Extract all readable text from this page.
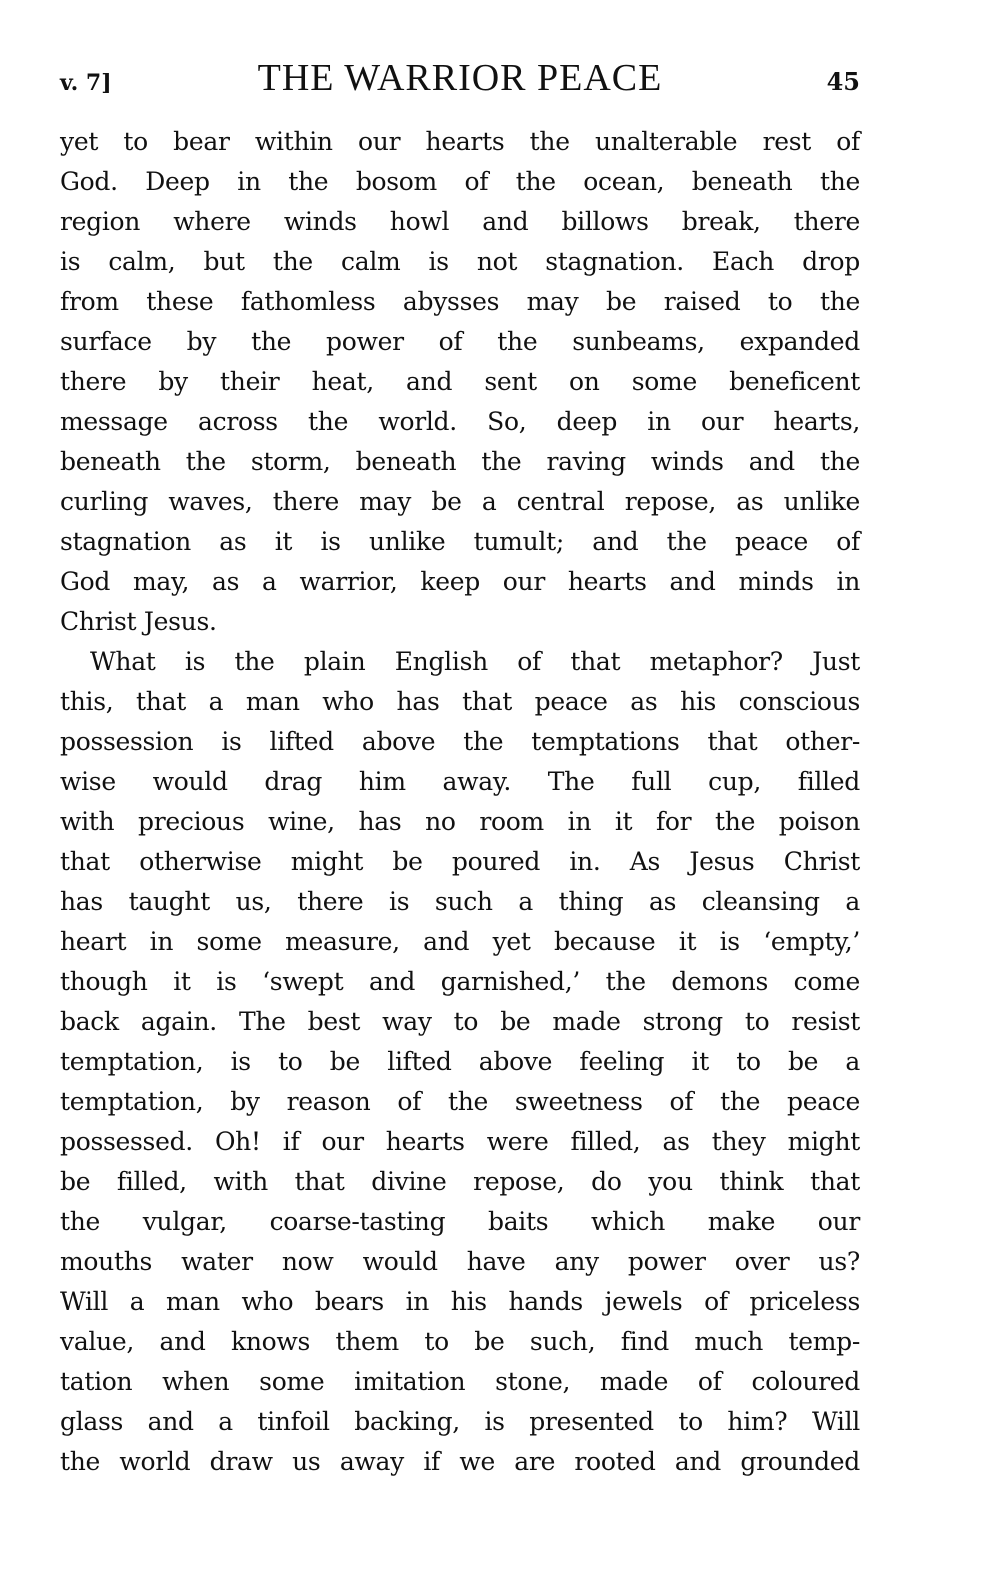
v. 7]	THE WARRIOR PEACE	45
yet to bear within our hearts the unalterable rest of
God. Deep in the bosom of the ocean, beneath the
region where winds howl and billows break, there
is calm, but the calm is not stagnation. Each drop
from these fathomless abysses may be raised to the
surface by the power of the sunbeams, expanded
there by their heat, and sent on some beneficent
message across the world. So, deep in our hearts,
beneath the storm, beneath the raving winds and the
curling waves, there may be a central repose, as unlike
stagnation as it is unlike tumult; and the peace of
God may, as a warrior, keep our hearts and minds in
Christ Jesus.
What is the plain English of that metaphor? Just
this, that a man who has that peace as his conscious
possession is lifted above the temptations that other-
wise would drag him away. The full cup, filled
with precious wine, has no room in it for the poison
that otherwise might be poured in. As Jesus Christ
has taught us, there is such a thing as cleansing a
heart in some measure, and yet because it is ‘empty,’
though it is ‘swept and garnished,’ the demons come
back again. The best way to be made strong to resist
temptation, is to be lifted above feeling it to be a
temptation, by reason of the sweetness of the peace
possessed. Oh! if our hearts were filled, as they might
be filled, with that divine repose, do you think that
the vulgar, coarse-tasting baits which make our
mouths water now would have any power over us?
Will a man who bears in his hands jewels of priceless
value, and knows them to be such, find much temp-
tation when some imitation stone, made of coloured
glass and a tinfoil backing, is presented to him? Will
the world draw us away if we are rooted and grounded
